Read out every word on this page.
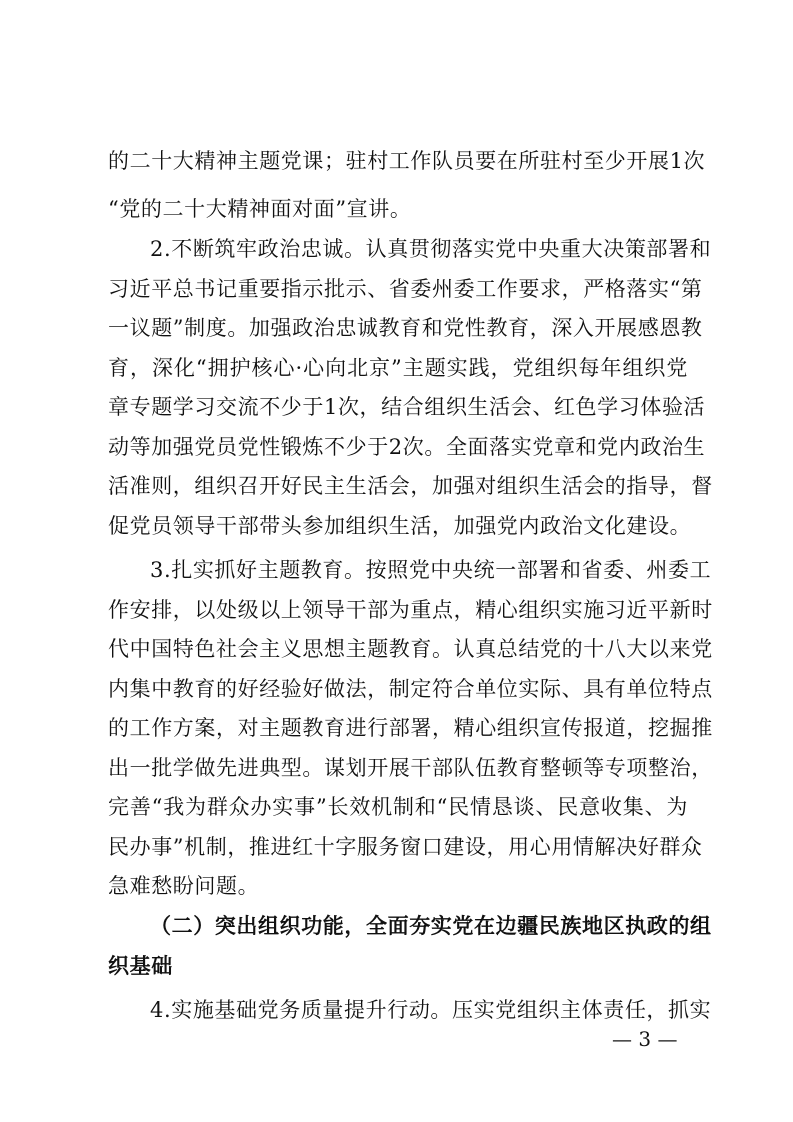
的二十大精神主题党课；驻村工作队员要在所驻村至少开展1次
“党的二十大精神面对面”宣讲。
2.不断筑牢政治忠诚。认真贯彻落实党中央重大决策部署和
习近平总书记重要指示批示、省委州委工作要求，严格落实“第
一议题”制度。加强政治忠诚教育和党性教育，深入开展感恩教
育，深化“拥护核心·心向北京”主题实践，党组织每年组织党
章专题学习交流不少于1次，结合组织生活会、红色学习体验活
动等加强党员党性锻炼不少于2次。全面落实党章和党内政治生
活准则，组织召开好民主生活会，加强对组织生活会的指导，督
促党员领导干部带头参加组织生活，加强党内政治文化建设。
3.扎实抓好主题教育。按照党中央统一部署和省委、州委工
作安排，以处级以上领导干部为重点，精心组织实施习近平新时
代中国特色社会主义思想主题教育。认真总结党的十八大以来党
内集中教育的好经验好做法，制定符合单位实际、具有单位特点
的工作方案，对主题教育进行部署，精心组织宣传报道，挖掘推
出一批学做先进典型。谋划开展干部队伍教育整顿等专项整治，
完善“我为群众办实事”长效机制和“民情恳谈、民意收集、为
民办事”机制，推进红十字服务窗口建设，用心用情解决好群众
急难愁盼问题。
（二）突出组织功能，全面夯实党在边疆民族地区执政的组
织基础
4.实施基础党务质量提升行动。压实党组织主体责任，抓实
— 3 —
